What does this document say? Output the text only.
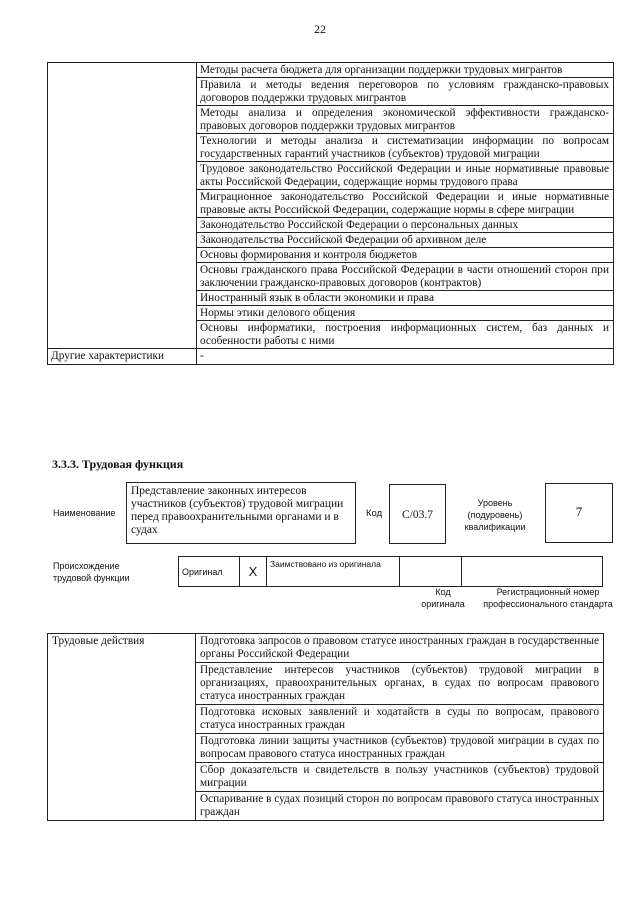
22
	Методы расчета бюджета для организации поддержки трудовых мигрантов
	Правила и методы ведения переговоров по условиям гражданско-правовых договоров поддержки трудовых мигрантов
	Методы анализа и определения экономической эффективности гражданско-правовых договоров поддержки трудовых мигрантов
	Технологии и методы анализа и систематизации информации по вопросам государственных гарантий участников (субъектов) трудовой миграции
	Трудовое законодательство Российской Федерации и иные нормативные правовые акты Российской Федерации, содержащие нормы трудового права
	Миграционное законодательство Российской Федерации и иные нормативные правовые акты Российской Федерации, содержащие нормы в сфере миграции
	Законодательство Российской Федерации о персональных данных
	Законодательства Российской Федерации об архивном деле
	Основы формирования и контроля бюджетов
	Основы гражданского права Российской Федерации в части отношений сторон при заключении гражданско-правовых договоров (контрактов)
	Иностранный язык в области экономики и права
	Нормы этики делового общения
	Основы информатики, построения информационных систем, баз данных и особенности работы с ними
Другие характеристики	-
3.3.3. Трудовая функция
Наименование
Представление законных интересов участников (субъектов) трудовой миграции перед правоохранительными органами и в судах
Код	C/03.7
Уровень (подуровень) квалификации
7
Происхождение трудовой функции
Оригинал	X	Заимствовано из оригинала		
Код оригинала
Регистрационный номер профессионального стандарта
Трудовые действия	Подготовка запросов о правовом статусе иностранных граждан в государственные органы Российской Федерации
Представление интересов участников (субъектов) трудовой миграции в организациях, правоохранительных органах, в судах по вопросам правового статуса иностранных граждан
Подготовка исковых заявлений и ходатайств в суды по вопросам, правового статуса иностранных граждан
Подготовка линии защиты участников (субъектов) трудовой миграции в судах по вопросам правового статуса иностранных граждан
Сбор доказательств и свидетельств в пользу участников (субъектов) трудовой миграции
Оспаривание в судах позиций сторон по вопросам правового статуса иностранных граждан
